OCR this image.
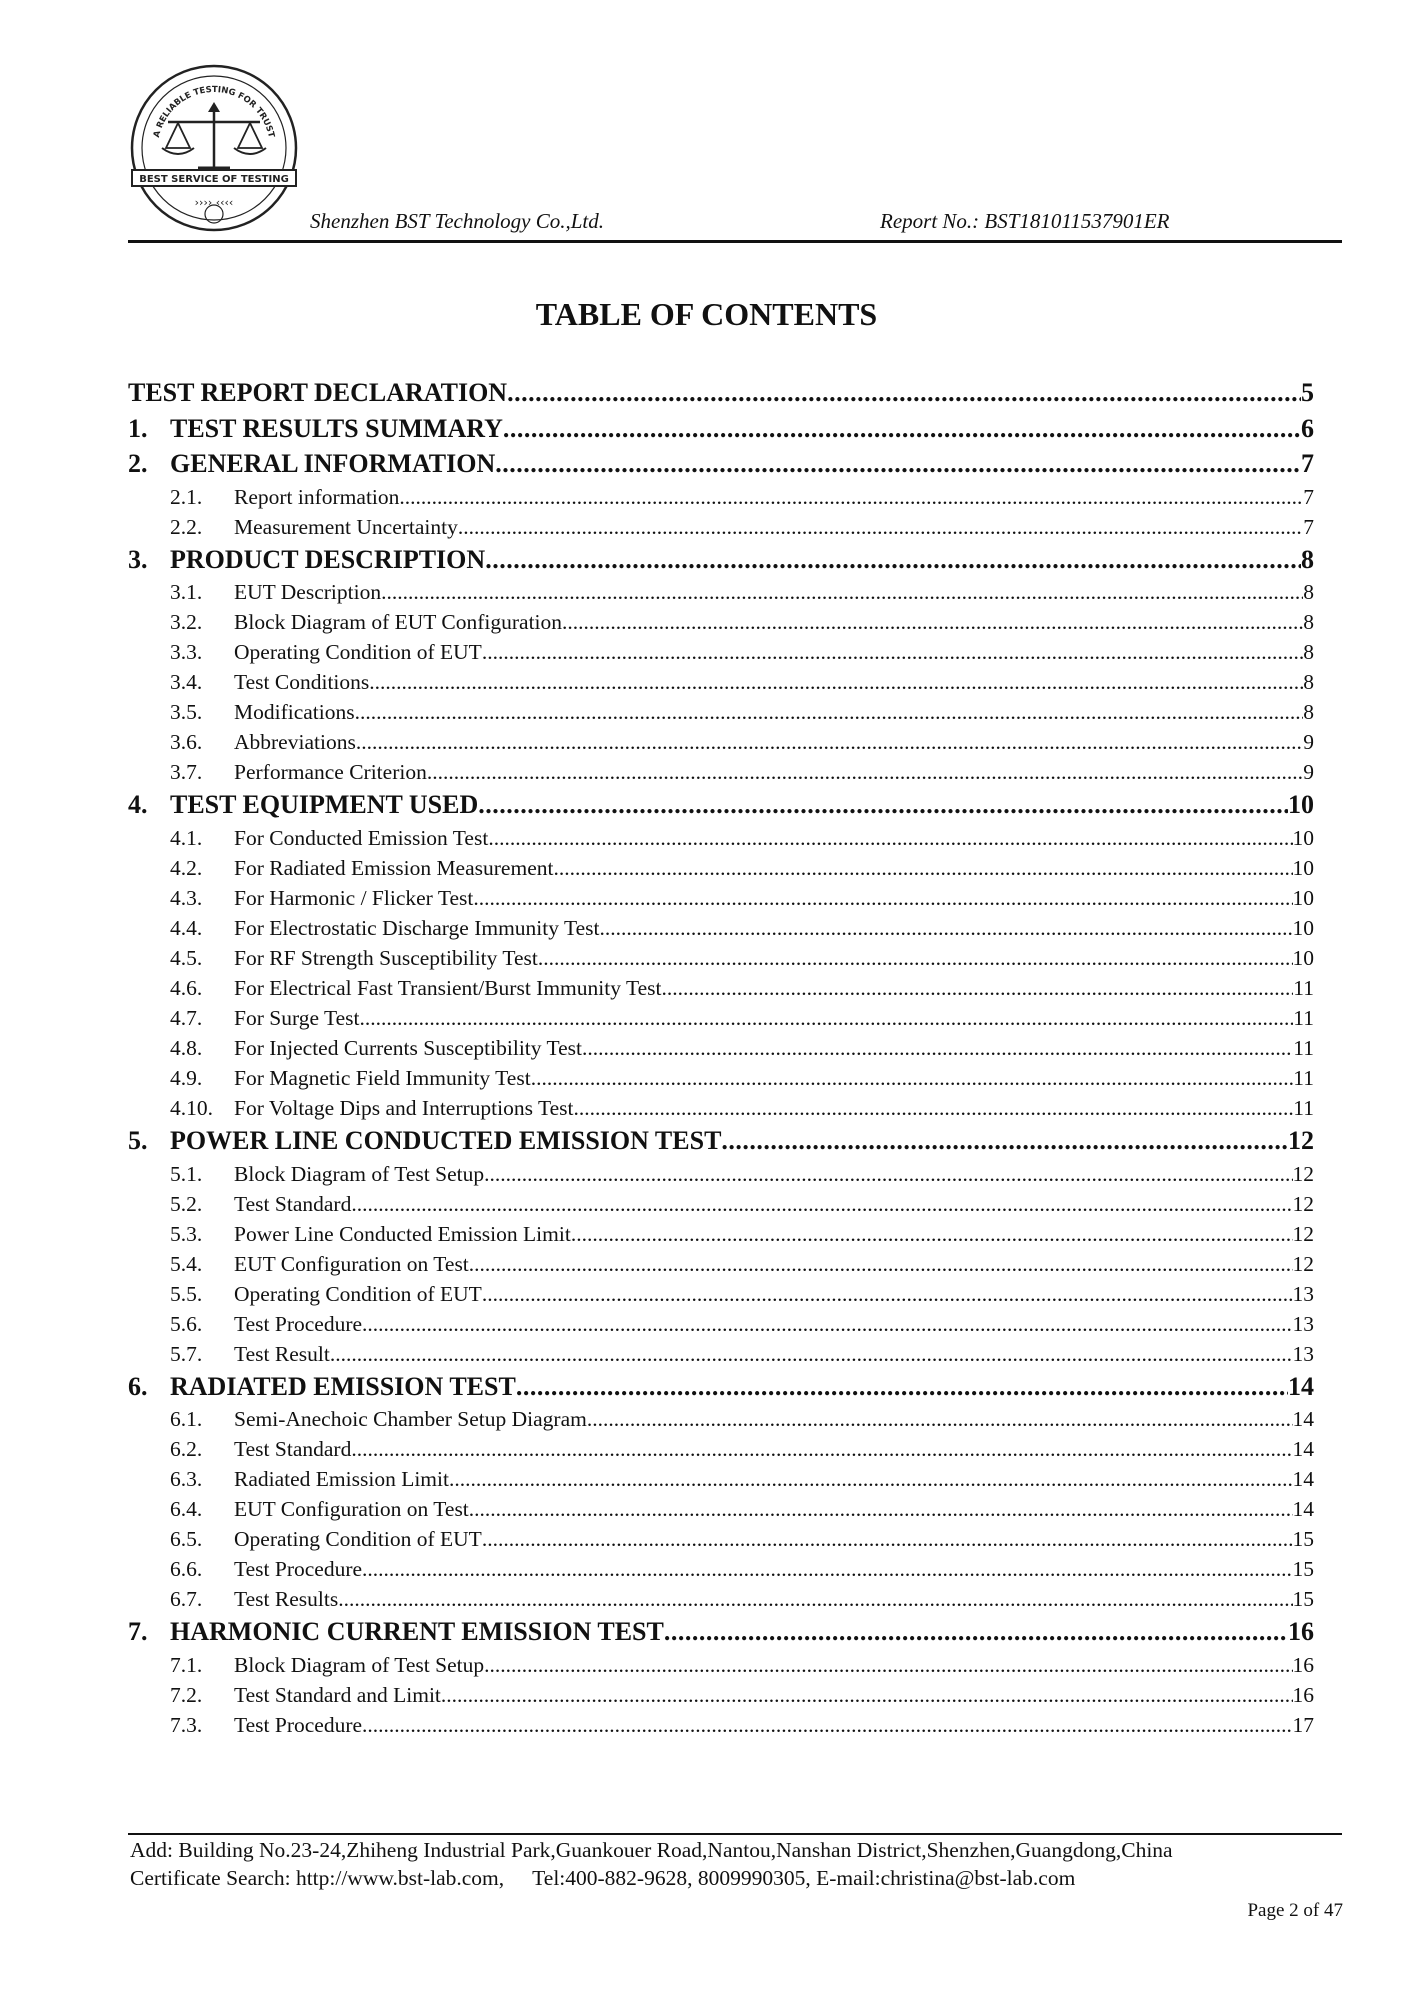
A RELIABLE TESTING FOR TRUST
BEST SERVICE OF TESTING
›››› ‹‹‹‹
Shenzhen BST Technology Co.,Ltd.	Report No.: BST181011537901ER
TABLE OF CONTENTS
TEST REPORT DECLARATION .....	5
1. TEST RESULTS SUMMARY .....	6
2. GENERAL INFORMATION .....	7
2.1.	Report information .....	7
2.2.	Measurement Uncertainty .....	7
3. PRODUCT DESCRIPTION .....	8
3.1.	EUT Description .....	8
3.2.	Block Diagram of EUT Configuration .....	8
3.3.	Operating Condition of EUT .....	8
3.4.	Test Conditions .....	8
3.5.	Modifications .....	8
3.6.	Abbreviations .....	9
3.7.	Performance Criterion .....	9
4. TEST EQUIPMENT USED .....	10
4.1.	For Conducted Emission Test .....	10
4.2.	For Radiated Emission Measurement .....	10
4.3.	For Harmonic / Flicker Test .....	10
4.4.	For Electrostatic Discharge Immunity Test .....	10
4.5.	For RF Strength Susceptibility Test .....	10
4.6.	For Electrical Fast Transient/Burst Immunity Test .....	11
4.7.	For Surge Test .....	11
4.8.	For Injected Currents Susceptibility Test .....	11
4.9.	For Magnetic Field Immunity Test .....	11
4.10. For Voltage Dips and Interruptions Test .....	11
5. POWER LINE CONDUCTED EMISSION TEST .....	12
5.1.	Block Diagram of Test Setup .....	12
5.2.	Test Standard .....	12
5.3.	Power Line Conducted Emission Limit .....	12
5.4.	EUT Configuration on Test .....	12
5.5.	Operating Condition of EUT .....	13
5.6.	Test Procedure .....	13
5.7.	Test Result .....	13
6. RADIATED EMISSION TEST .....	14
6.1.	Semi-Anechoic Chamber Setup Diagram .....	14
6.2.	Test Standard .....	14
6.3.	Radiated Emission Limit .....	14
6.4.	EUT Configuration on Test .....	14
6.5.	Operating Condition of EUT .....	15
6.6.	Test Procedure .....	15
6.7.	Test Results .....	15
7. HARMONIC CURRENT EMISSION TEST .....	16
7.1.	Block Diagram of Test Setup .....	16
7.2.	Test Standard and Limit .....	16
7.3.	Test Procedure .....	17
Add: Building No.23-24,Zhiheng Industrial Park,Guankouer Road,Nantou,Nanshan District,Shenzhen,Guangdong,China
Certificate Search: http://www.bst-lab.com, Tel:400-882-9628, 8009990305, E-mail:christina@bst-lab.com
Page 2 of 47
